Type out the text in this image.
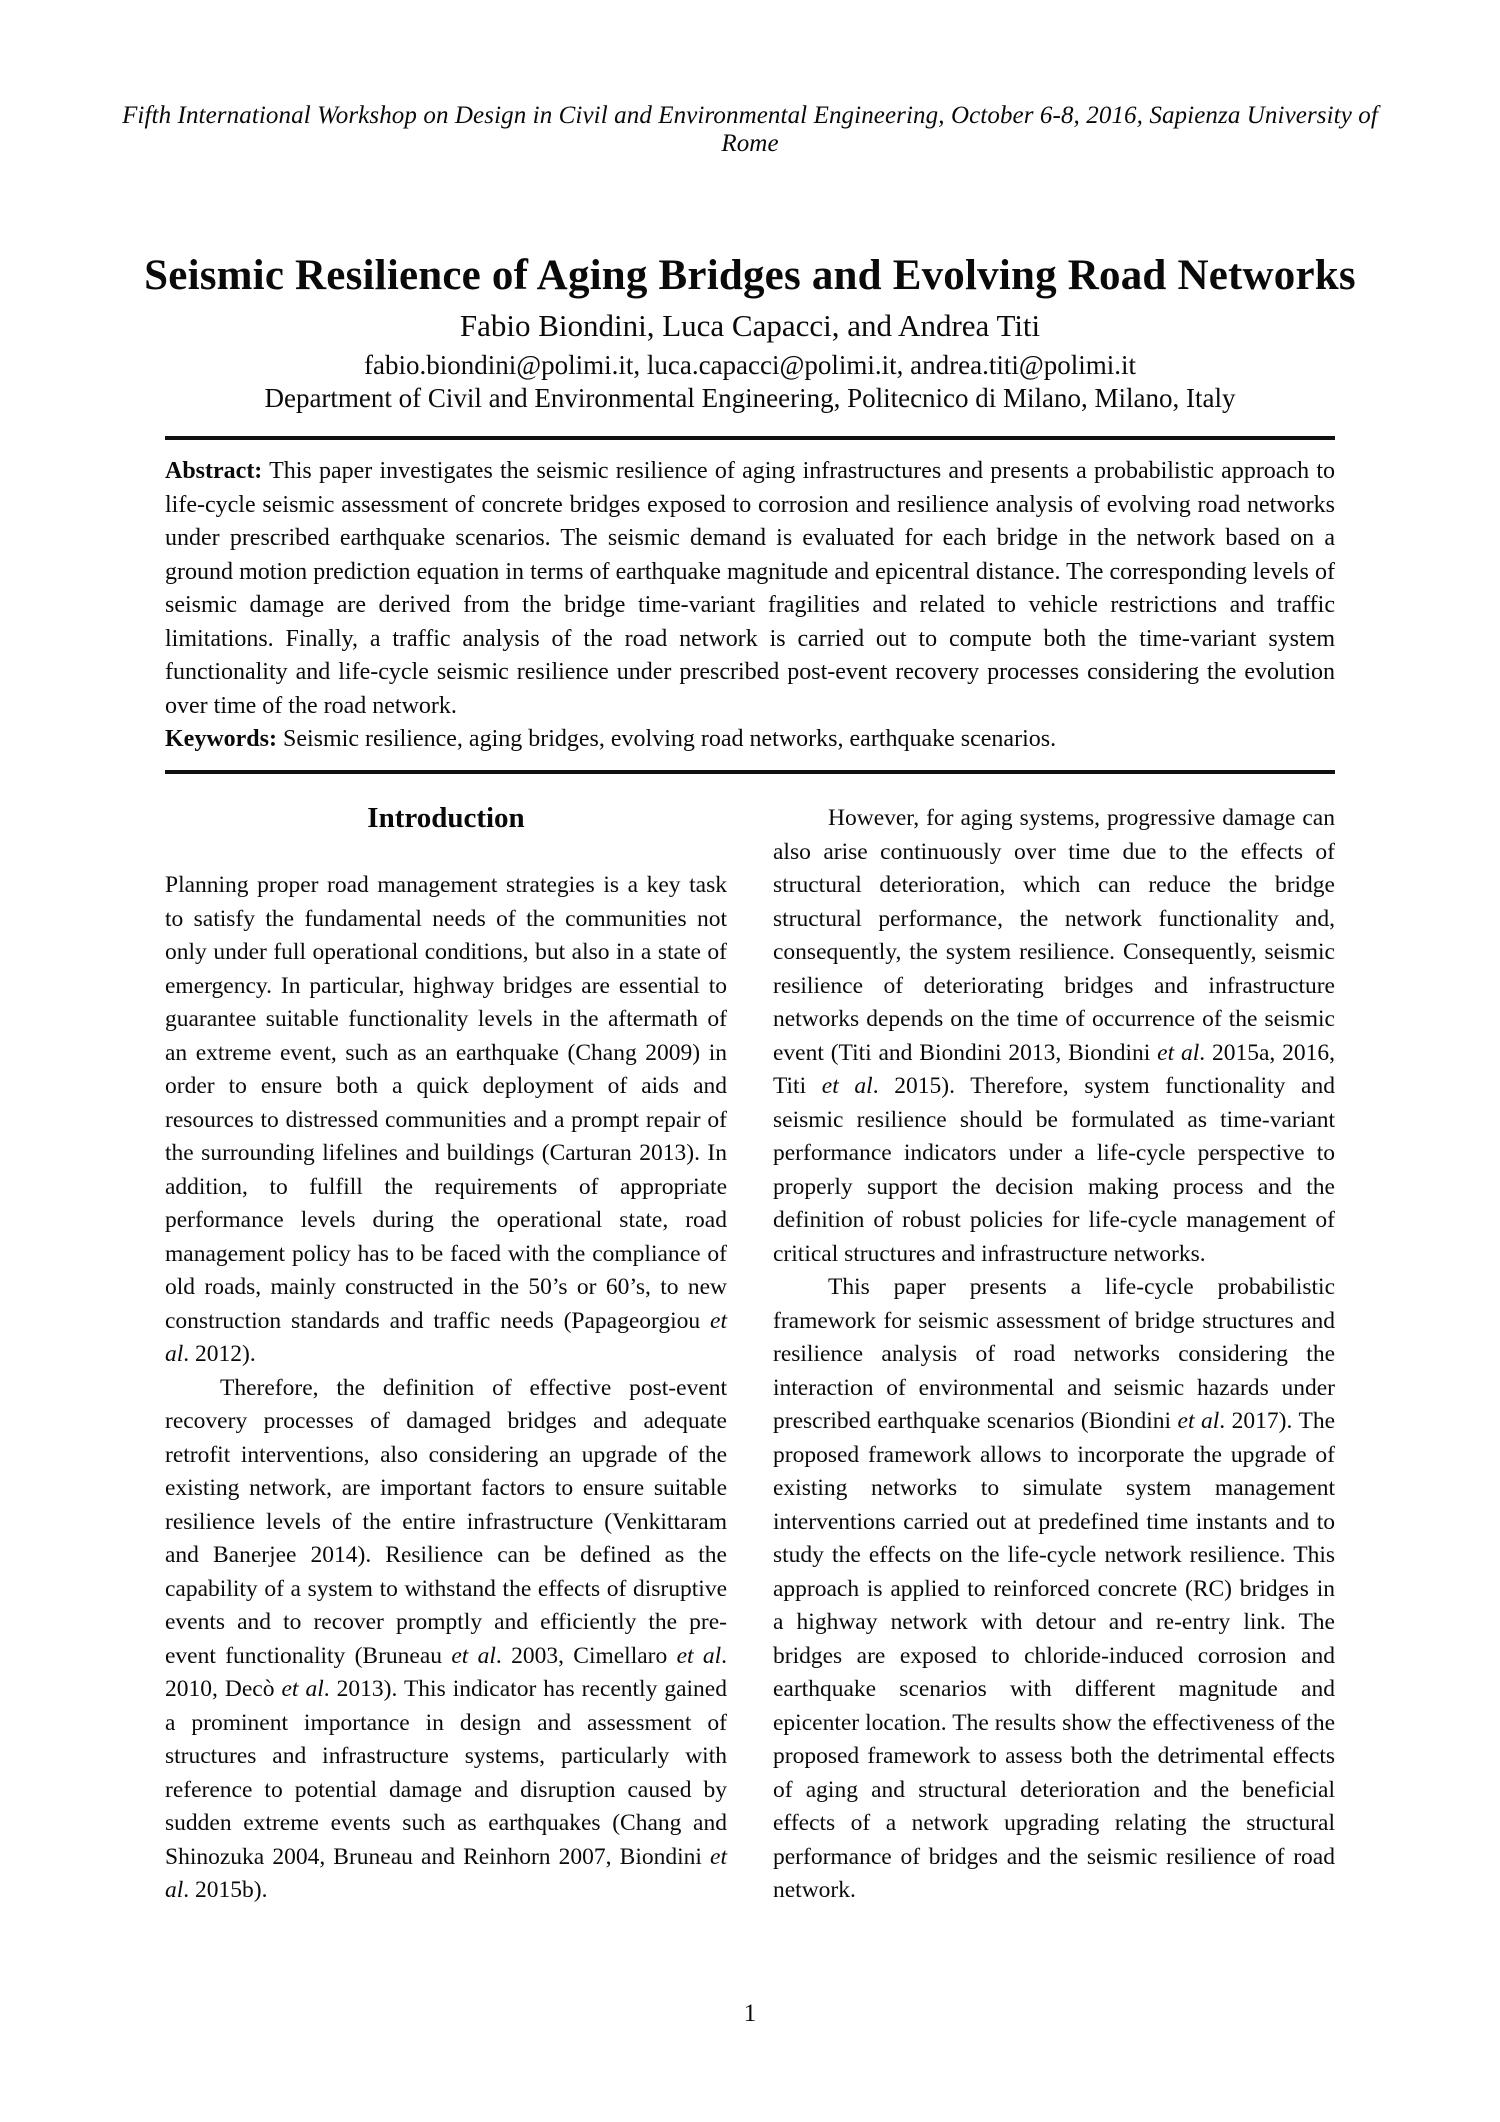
Fifth International Workshop on Design in Civil and Environmental Engineering, October 6-8, 2016, Sapienza University of Rome
Seismic Resilience of Aging Bridges and Evolving Road Networks
Fabio Biondini, Luca Capacci, and Andrea Titi
fabio.biondini@polimi.it, luca.capacci@polimi.it, andrea.titi@polimi.it
Department of Civil and Environmental Engineering, Politecnico di Milano, Milano, Italy

Abstract: This paper investigates the seismic resilience of aging infrastructures and presents a probabilistic approach to life-cycle seismic assessment of concrete bridges exposed to corrosion and resilience analysis of evolving road networks under prescribed earthquake scenarios. The seismic demand is evaluated for each bridge in the network based on a ground motion prediction equation in terms of earthquake magnitude and epicentral distance. The corresponding levels of seismic damage are derived from the bridge time-variant fragilities and related to vehicle restrictions and traffic limitations. Finally, a traffic analysis of the road network is carried out to compute both the time-variant system functionality and life-cycle seismic resilience under prescribed post-event recovery processes considering the evolution over time of the road network.

Keywords: Seismic resilience, aging bridges, evolving road networks, earthquake scenarios.

Introduction

Planning proper road management strategies is a key task to satisfy the fundamental needs of the communities not only under full operational conditions, but also in a state of emergency. In particular, highway bridges are essential to guarantee suitable functionality levels in the aftermath of an extreme event, such as an earthquake (Chang 2009) in order to ensure both a quick deployment of aids and resources to distressed communities and a prompt repair of the surrounding lifelines and buildings (Carturan 2013). In addition, to fulfill the requirements of appropriate performance levels during the operational state, road management policy has to be faced with the compliance of old roads, mainly constructed in the 50’s or 60’s, to new construction standards and traffic needs (Papageorgiou et al. 2012).

Therefore, the definition of effective post-event recovery processes of damaged bridges and adequate retrofit interventions, also considering an upgrade of the existing network, are important factors to ensure suitable resilience levels of the entire infrastructure (Venkittaram and Banerjee 2014). Resilience can be defined as the capability of a system to withstand the effects of disruptive events and to recover promptly and efficiently the pre-event functionality (Bruneau et al. 2003, Cimellaro et al. 2010, Decò et al. 2013). This indicator has recently gained a prominent importance in design and assessment of structures and infrastructure systems, particularly with reference to potential damage and disruption caused by sudden extreme events such as earthquakes (Chang and Shinozuka 2004, Bruneau and Reinhorn 2007, Biondini et al. 2015b).

However, for aging systems, progressive damage can also arise continuously over time due to the effects of structural deterioration, which can reduce the bridge structural performance, the network functionality and, consequently, the system resilience. Consequently, seismic resilience of deteriorating bridges and infrastructure networks depends on the time of occurrence of the seismic event (Titi and Biondini 2013, Biondini et al. 2015a, 2016, Titi et al. 2015). Therefore, system functionality and seismic resilience should be formulated as time-variant performance indicators under a life-cycle perspective to properly support the decision making process and the definition of robust policies for life-cycle management of critical structures and infrastructure networks.

This paper presents a life-cycle probabilistic framework for seismic assessment of bridge structures and resilience analysis of road networks considering the interaction of environmental and seismic hazards under prescribed earthquake scenarios (Biondini et al. 2017). The proposed framework allows to incorporate the upgrade of existing networks to simulate system management interventions carried out at predefined time instants and to study the effects on the life-cycle network resilience. This approach is applied to reinforced concrete (RC) bridges in a highway network with detour and re-entry link. The bridges are exposed to chloride-induced corrosion and earthquake scenarios with different magnitude and epicenter location. The results show the effectiveness of the proposed framework to assess both the detrimental effects of aging and structural deterioration and the beneficial effects of a network upgrading relating the structural performance of bridges and the seismic resilience of road network.

1
